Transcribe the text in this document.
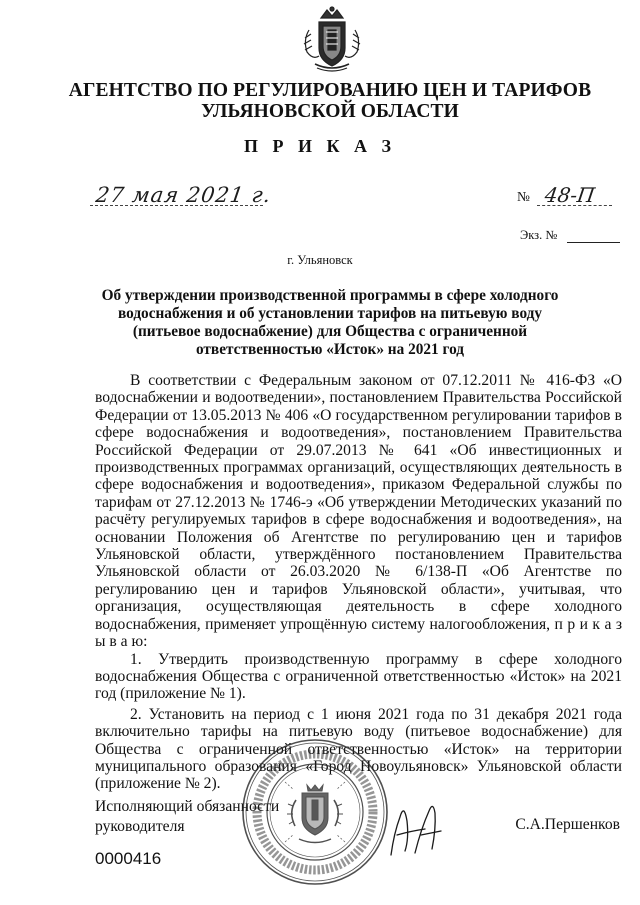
АГЕНТСТВО ПО РЕГУЛИРОВАНИЮ ЦЕН И ТАРИФОВ
УЛЬЯНОВСКОЙ ОБЛАСТИ
П Р И К А З
27 мая 2021 г.	№ 48-П
Экз. №
г. Ульяновск
Об утверждении производственной программы в сфере холодного водоснабжения и об установлении тарифов на питьевую воду (питьевое водоснабжение) для Общества с ограниченной ответственностью «Исток» на 2021 год

В соответствии с Федеральным законом от 07.12.2011 № 416-ФЗ «О водоснабжении и водоотведении», постановлением Правительства Российской Федерации от 13.05.2013 № 406 «О государственном регулировании тарифов в сфере водоснабжения и водоотведения», постановлением Правительства Российской Федерации от 29.07.2013 № 641 «Об инвестиционных и производственных программах организаций, осуществляющих деятельность в сфере водоснабжения и водоотведения», приказом Федеральной службы по тарифам от 27.12.2013 № 1746-э «Об утверждении Методических указаний по расчёту регулируемых тарифов в сфере водоснабжения и водоотведения», на основании Положения об Агентстве по регулированию цен и тарифов Ульяновской области, утверждённого постановлением Правительства Ульяновской области от 26.03.2020 № 6/138-П «Об Агентстве по регулированию цен и тарифов Ульяновской области», учитывая, что организация, осуществляющая деятельность в сфере холодного водоснабжения, применяет упрощённую систему налогообложения, п р и к а з ы в а ю:

1. Утвердить производственную программу в сфере холодного водоснабжения Общества с ограниченной ответственностью «Исток» на 2021 год (приложение № 1).

2. Установить на период с 1 июня 2021 года по 31 декабря 2021 года включительно тарифы на питьевую воду (питьевое водоснабжение) для Общества с ограниченной ответственностью «Исток» на территории муниципального образования «Город Новоульяновск» Ульяновской области (приложение № 2).

Исполняющий обязанности
руководителя	С.А.Першенков
0000416
